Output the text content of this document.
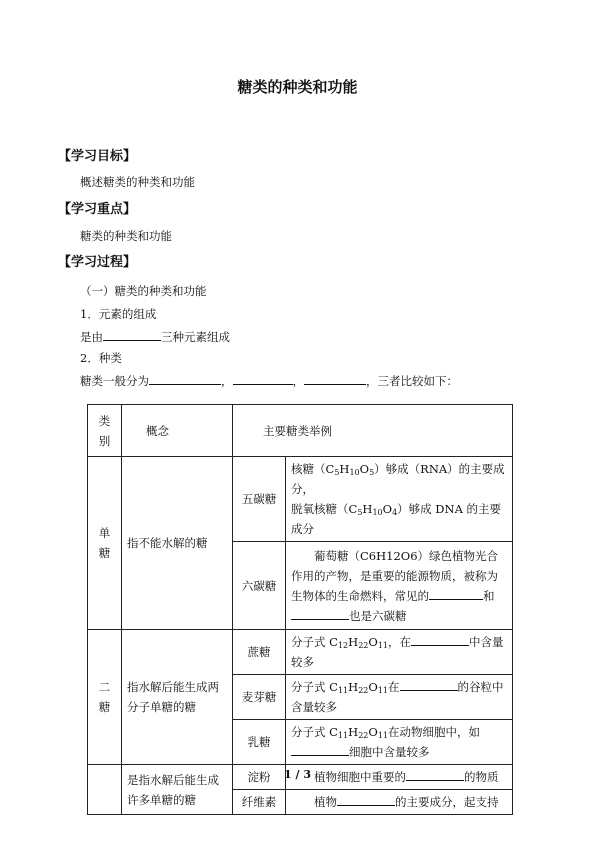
糖类的种类和功能
【学习目标】
概述糖类的种类和功能
【学习重点】
糖类的种类和功能
【学习过程】
（一）糖类的种类和功能
1．元素的组成
是由	三种元素组成
2．种类
糖类一般分为	，	，	，三者比较如下：
类别	概念	主要糖类举例	
单糖	指不能水解的糖	五碳糖	核糖$(C_5H_{10}O_5)$够成（RNA）的主要成
分，
脱氧核糖$(C_5H_{10}O_4)$够成 DNA 的主要成分

		六碳糖	葡萄糖（C6H12O6）绿色植物光合作用的产物，是重要的能源物质，被称为生物体的生命燃料，常见的 和
也是六碳糖

二糖	指水解后能生成两分子单糖的糖	蔗糖	分子式 $C_{12}H_{22}O_{11}$，在 中含量较多
		麦芽糖	分子式 $C_{11}H_{22}O_{11}$在 的谷粒中含量较多
		乳糖	分子式 $C_{11}H_{22}O_{11}$在动物细胞中，如
细胞中含量较多

	是指水解后能生成许多单糖的糖	淀粉	植物细胞中重要的 的物质
		纤维素	植物 的主要成分，起支持
1 / 3
